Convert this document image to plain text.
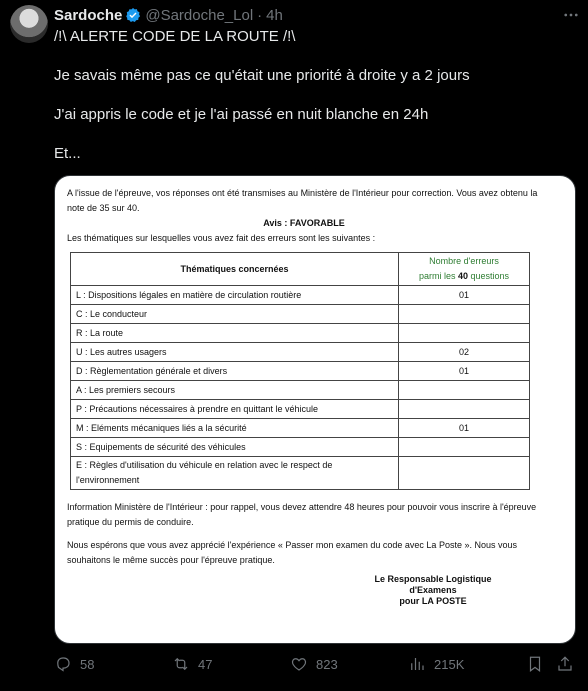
Sardoche @Sardoche_Lol · 4h

/!\ ALERTE CODE DE LA ROUTE /!\

Je savais même pas ce qu'était une priorité à droite y a 2 jours

J'ai appris le code et je l'ai passé en nuit blanche en 24h

Et...

A l'issue de l'épreuve, vos réponses ont été transmises au Ministère de l'Intérieur pour correction. Vous avez obtenu la note de 35 sur 40.

Avis : FAVORABLE

Les thématiques sur lesquelles vous avez fait des erreurs sont les suivantes :

Thématiques concernées	Nombre d'erreurs
parmi les 40 questions
L : Dispositions légales en matière de circulation routière	01
C : Le conducteur	
R : La route	
U : Les autres usagers	02
D : Règlementation générale et divers	01
A : Les premiers secours	
P : Précautions nécessaires à prendre en quittant le véhicule	
M : Eléments mécaniques liés a la sécurité	01
S : Equipements de sécurité des véhicules	
E : Règles d'utilisation du véhicule en relation avec le respect de l'environnement	

Information Ministère de l'Intérieur : pour rappel, vous devez attendre 48 heures pour pouvoir vous inscrire à l'épreuve pratique du permis de conduire.

Nous espérons que vous avez apprécié l'expérience « Passer mon examen du code avec La Poste ». Nous vous souhaitons le même succès pour l'épreuve pratique.

Le Responsable Logistique
d'Examens
pour LA POSTE
58	47	823	215K
